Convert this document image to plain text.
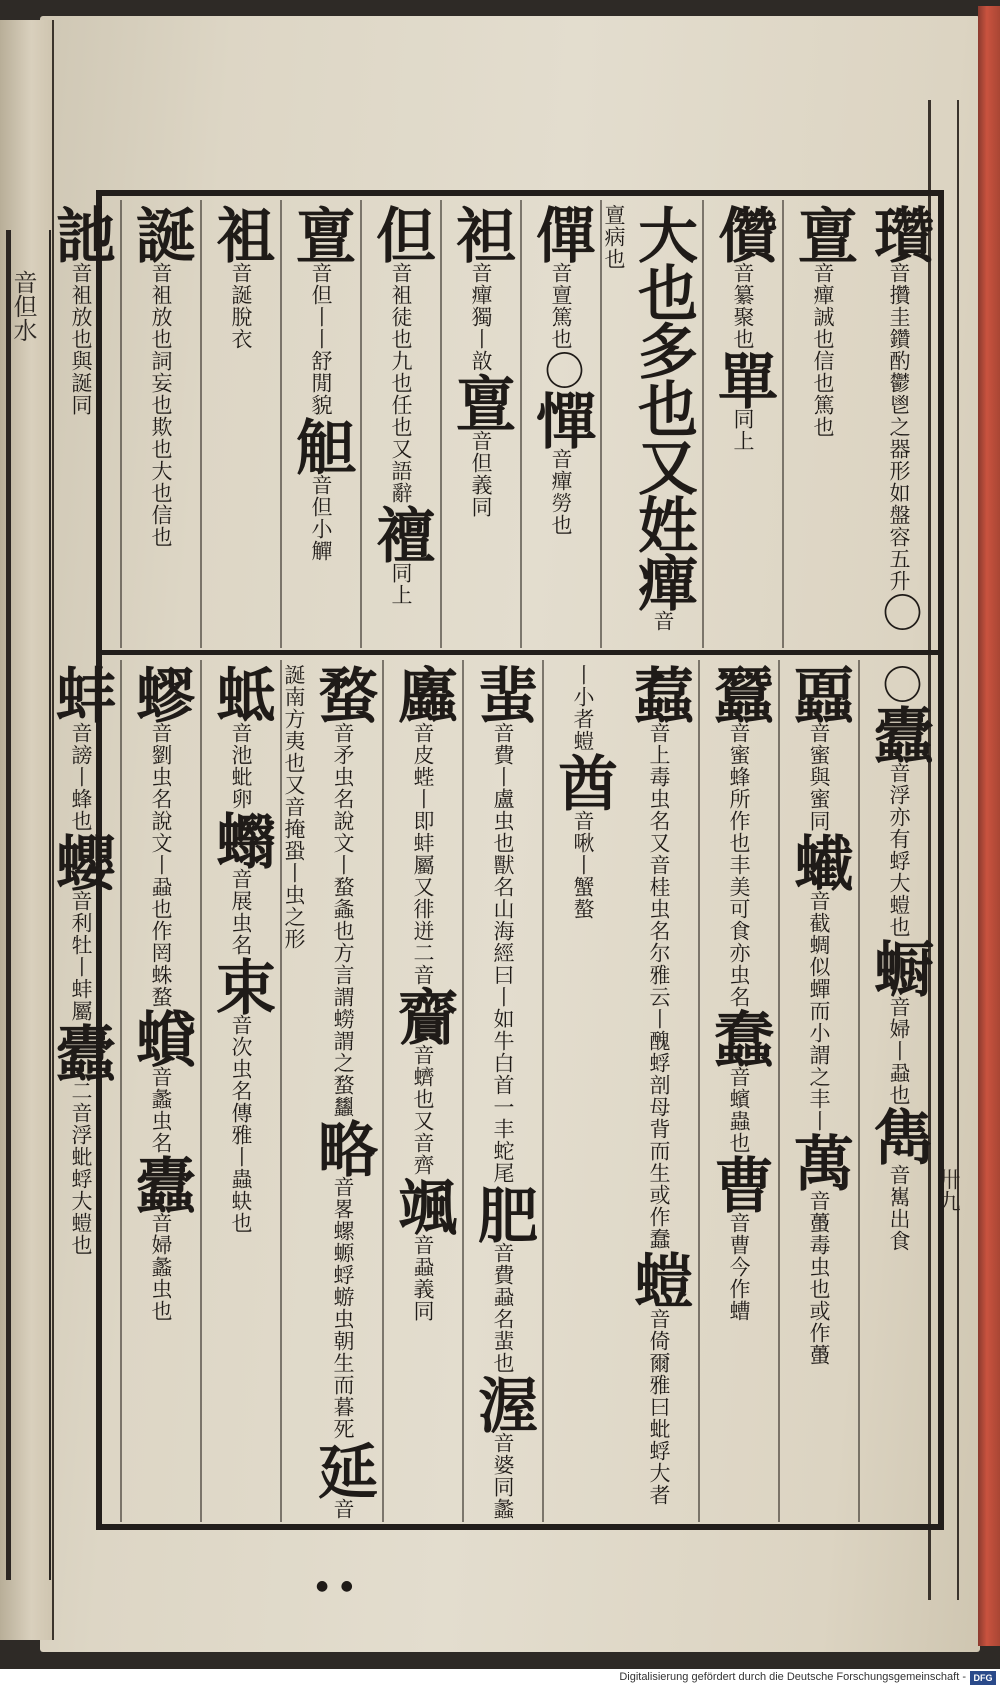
音但水
卅九
瓚音攢圭鑽酌鬱鬯之器形如盤容五升〇亶音癉誠也信也篤也
儹音纂聚也單同上
大也多也又姓癉音亶病也
僤音亶篤也〇憚音癉勞也
袒音癉獨丨敨亶音但義同
但音袓徒也九也任也又語辭襢同上
亶音但丨丨舒閒貌觛音但小觶
袓音誕脫衣
誕音袓放也詞妄也欺也大也信也
訑音袓放也與誕同
〇蠹音浮亦有蜉大螘也蟵音婦丨蝨也雋音嶲出食
蠠音蜜與蜜同蠘音截蜩似蟬而小謂之丰丨萬音蠆毒虫也或作蠆
蠶音蜜蜂所作也丰美可食亦虫名蠢音蠙蟲也曹音曹今作螬
蠚音上毒虫名又音桂虫名尔雅云丨醜蜉剖母背而生或作蠢螘音倚爾雅曰蚍蜉大者丨小者螘酋音啾丨蟹螯
蜚音費丨盧虫也獸名山海經曰丨如牛白首一丰蛇尾肥音費蝨名蜚也渥音婆同蠡
蠯音皮蜌丨即蚌屬又徘迸二音齎音蠐也又音齊颯音蝨義同
蝥音矛虫名說文丨蝥螽也方言謂蟧謂之蝥蠿略音畧螺螈蜉蝣虫朝生而暮死延音誕南方夷也又音掩蛩丨虫之形
蚳音池蚍卵蠮音展虫名束音次虫名傳雅丨蟲蚗也
蟉音劉虫名說文丨蝨也作罔蛛蝥蟘音蠡虫名蠹音婦蠡虫也
蚌音謗丨蜂也蠳音利牡丨蚌屬蠹二音浮蚍蜉大螘也
● ●
Digitalisierung gefördert durch die Deutsche Forschungsgemeinschaft - DFG
